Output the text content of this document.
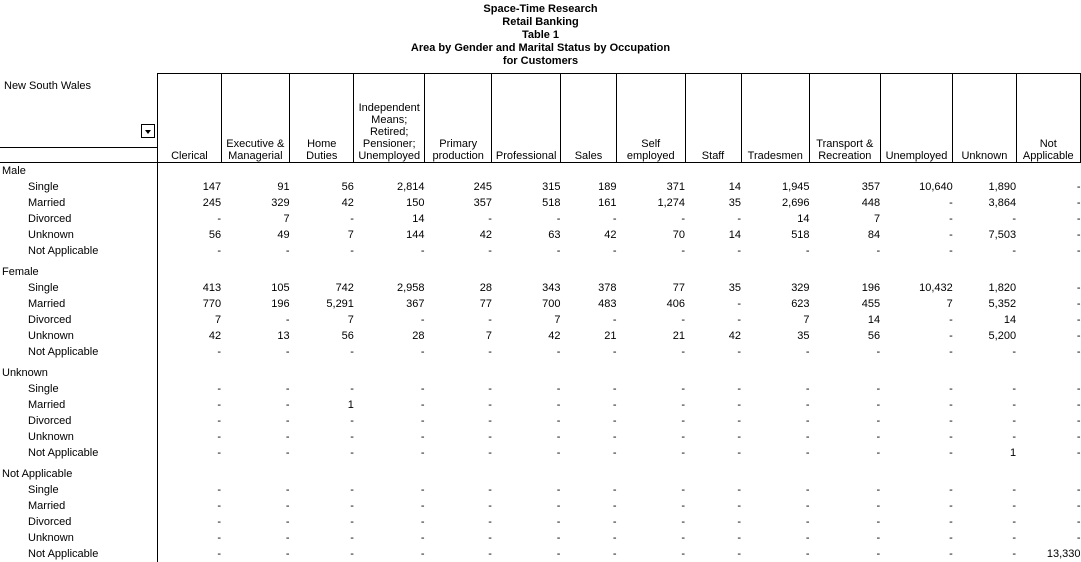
Space-Time Research
Retail Banking
Table 1
Area by Gender and Marital Status by Occupation
for Customers
New South Wales	Clerical	Executive & Managerial	Home Duties	Independent Means; Retired; Pensioner; Unemployed	Primary production	Professional	Sales	Self employed	Staff	Tradesmen	Transport & Recreation	Unemployed	Unknown	Not Applicable
Male														
Single	147	91	56	2,814	245	315	189	371	14	1,945	357	10,640	1,890	-
Married	245	329	42	150	357	518	161	1,274	35	2,696	448	-	3,864	-
Divorced	-	7	-	14	-	-	-	-	-	14	7	-	-	-
Unknown	56	49	7	144	42	63	42	70	14	518	84	-	7,503	-
Not Applicable	-	-	-	-	-	-	-	-	-	-	-	-	-	-

Female														
Single	413	105	742	2,958	28	343	378	77	35	329	196	10,432	1,820	-
Married	770	196	5,291	367	77	700	483	406	-	623	455	7	5,352	-
Divorced	7	-	7	-	-	7	-	-	-	7	14	-	14	-
Unknown	42	13	56	28	7	42	21	21	42	35	56	-	5,200	-
Not Applicable	-	-	-	-	-	-	-	-	-	-	-	-	-	-

Unknown														
Single	-	-	-	-	-	-	-	-	-	-	-	-	-	-
Married	-	-	1	-	-	-	-	-	-	-	-	-	-	-
Divorced	-	-	-	-	-	-	-	-	-	-	-	-	-	-
Unknown	-	-	-	-	-	-	-	-	-	-	-	-	-	-
Not Applicable	-	-	-	-	-	-	-	-	-	-	-	-	1	-

Not Applicable														
Single	-	-	-	-	-	-	-	-	-	-	-	-	-	-
Married	-	-	-	-	-	-	-	-	-	-	-	-	-	-
Divorced	-	-	-	-	-	-	-	-	-	-	-	-	-	-
Unknown	-	-	-	-	-	-	-	-	-	-	-	-	-	-
Not Applicable	-	-	-	-	-	-	-	-	-	-	-	-	-	13,330
